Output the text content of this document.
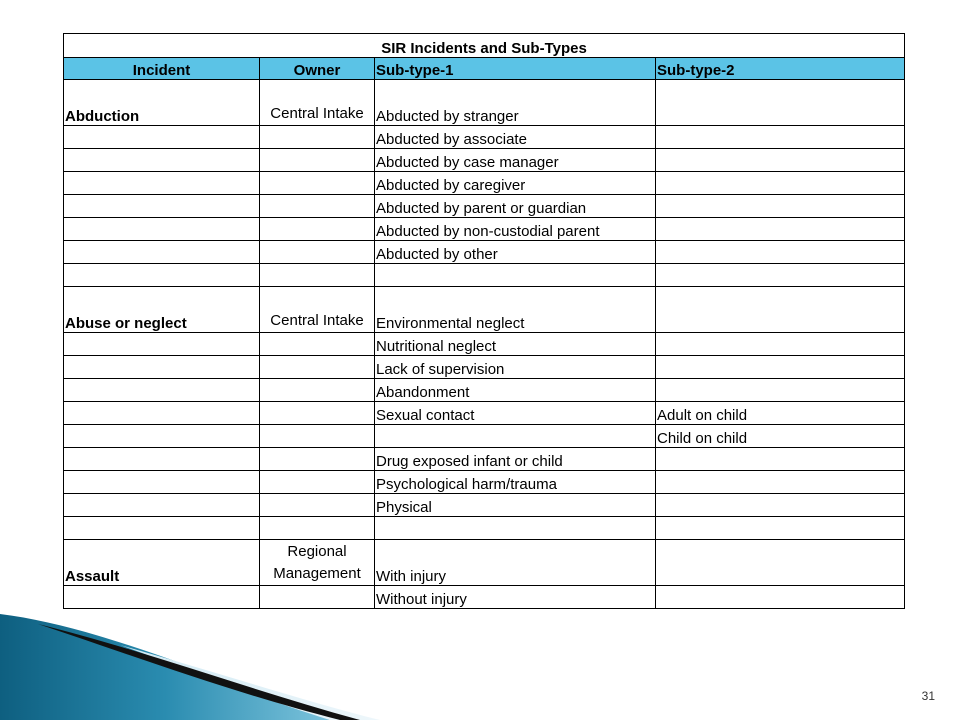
SIR Incidents and Sub-Types			
Incident	Owner	Sub-type-1	Sub-type-2
Abduction	Central Intake	Abducted by stranger	
		Abducted by associate	
		Abducted by case manager	
		Abducted by caregiver	
		Abducted by parent or guardian	
		Abducted by non-custodial parent	
		Abducted by other	

Abuse or neglect	Central Intake	Environmental neglect	
		Nutritional neglect	
		Lack of supervision	
		Abandonment	
		Sexual contact	Adult on child
			Child on child
		Drug exposed infant or child	
		Psychological harm/trauma	
		Physical	

Assault	Regional Management	With injury	
		Without injury	
31
